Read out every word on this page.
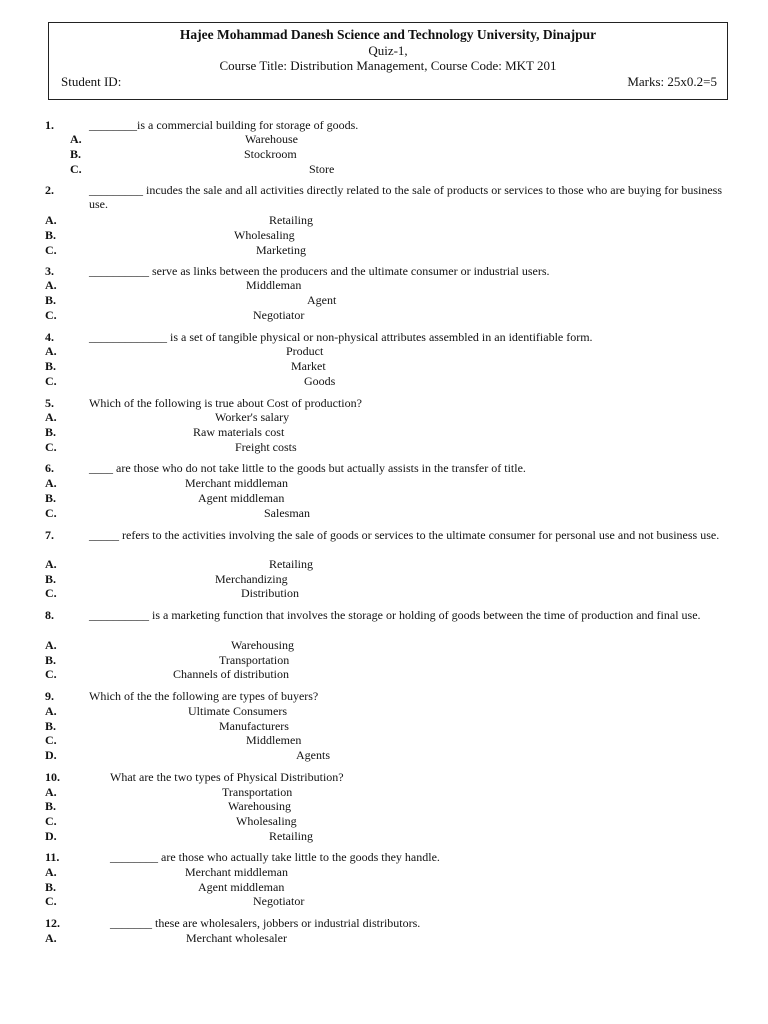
Hajee Mohammad Danesh Science and Technology University, Dinajpur
Quiz-1,
Course Title: Distribution Management, Course Code: MKT 201
Student ID:	Marks: 25x0.2=5
1.	________is a commercial building for storage of goods.
A.	Warehouse
B.	Stockroom
C.	Store
2.	_________ incudes the sale and all activities directly related to the sale of products or services to those who are buying for business use.
A.	Retailing
B.	Wholesaling
C.	Marketing
3.	__________ serve as links between the producers and the ultimate consumer or industrial users.
A.	Middleman
B.	Agent
C.	Negotiator
4.	_____________ is a set of tangible physical or non-physical attributes assembled in an identifiable form.
A.	Product
B.	Market
C.	Goods
5.	Which of the following is true about Cost of production?
A.	Worker's salary
B.	Raw materials cost
C.	Freight costs
6.	____ are those who do not take little to the goods but actually assists in the transfer of title.
A.	Merchant middleman
B.	Agent middleman
C.	Salesman
7.	_____ refers to the activities involving the sale of goods or services to the ultimate consumer for personal use and not business use.
A.	Retailing
B.	Merchandizing
C.	Distribution
8.	__________ is a marketing function that involves the storage or holding of goods between the time of production and final use.
A.	Warehousing
B.	Transportation
C.	Channels of distribution
9.	Which of the the following are types of buyers?
A.	Ultimate Consumers
B.	Manufacturers
C.	Middlemen
D.	Agents
10.	What are the two types of Physical Distribution?
A.	Transportation
B.	Warehousing
C.	Wholesaling
D.	Retailing
11.	________ are those who actually take little to the goods they handle.
A.	Merchant middleman
B.	Agent middleman
C.	Negotiator
12.	_______ these are wholesalers, jobbers or industrial distributors.
A.	Merchant wholesaler
